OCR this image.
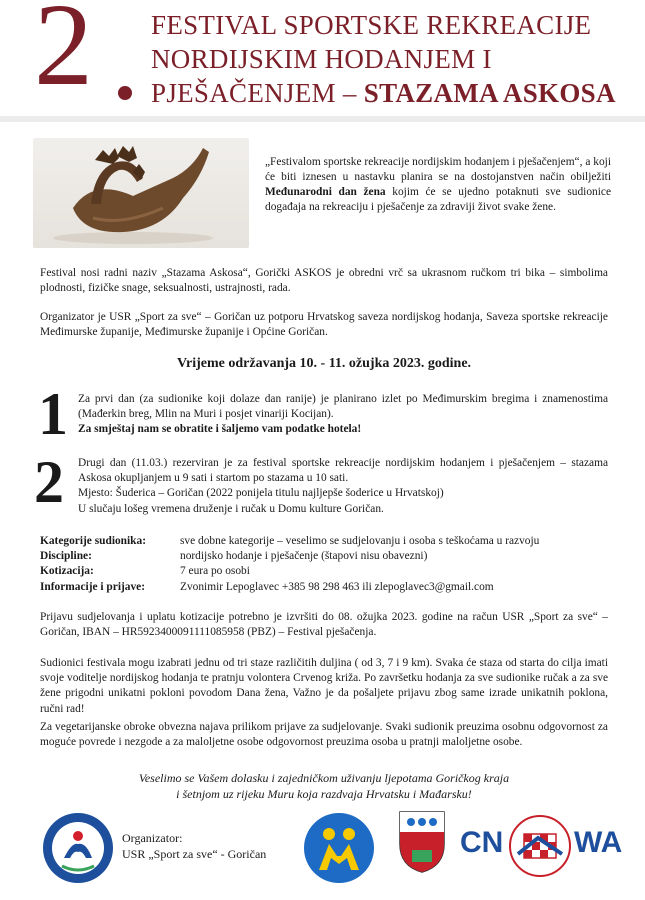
2 FESTIVAL SPORTSKE REKREACIJE
NORDIJSKIM HODANJEM I
PJEŠAČENJEM – STAZAMA ASKOSA
„Festivalom sportske rekreacije nordijskim hodanjem i pješačenjem“, a koji će biti iznesen u nastavku planira se na dostojanstven način obilježiti Međunarodni dan žena kojim će se ujedno potaknuti sve sudionice događaja na rekreaciju i pješačenje za zdraviji život svake žene.
Festival nosi radni naziv „Stazama Askosa“, Gorički ASKOS je obredni vrč sa ukrasnom ručkom tri bika – simbolima plodnosti, fizičke snage, seksualnosti, ustrajnosti, rada.
Organizator je USR „Sport za sve“ – Goričan uz potporu Hrvatskog saveza nordijskog hodanja, Saveza sportske rekreacije Međimurske županije, Međimurske županije i Općine Goričan.
Vrijeme održavanja 10. - 11. ožujka 2023. godine.
1 Za prvi dan (za sudionike koji dolaze dan ranije) je planirano izlet po Međimurskim bregima i znamenostima (Mađerkin breg, Mlin na Muri i posjet vinariji Kocijan).
Za smještaj nam se obratite i šaljemo vam podatke hotela!
2 Drugi dan (11.03.) rezerviran je za festival sportske rekreacije nordijskim hodanjem i pješačenjem – stazama Askosa okupljanjem u 9 sati i startom po stazama u 10 sati.
Mjesto: Šuderica – Goričan (2022 ponijela titulu najljepše šoderice u Hrvatskoj)
U slučaju lošeg vremena druženje i ručak u Domu kulture Goričan.
Kategorije sudionika:	sve dobne kategorije – veselimo se sudjelovanju i osoba s teškoćama u razvoju
Discipline:	nordijsko hodanje i pješačenje (štapovi nisu obavezni)
Kotizacija:	7 eura po osobi
Informacije i prijave:	Zvonimir Lepoglavec +385 98 298 463 ili zlepoglavec3@gmail.com
Prijavu sudjelovanja i uplatu kotizacije potrebno je izvršiti do 08. ožujka 2023. godine na račun USR „Sport za sve“ – Goričan, IBAN – HR5923400091111085958 (PBZ) – Festival pješačenja.
Sudionici festivala mogu izabrati jednu od tri staze različitih duljina ( od 3, 7 i 9 km). Svaka će staza od starta do cilja imati svoje voditelje nordijskog hodanja te pratnju volontera Crvenog križa. Po završetku hodanja za sve sudionike ručak a za sve žene prigodni unikatni pokloni povodom Dana žena, Važno je da pošaljete prijavu zbog same izrade unikatnih poklona, ručni rad!
Za vegetarijanske obroke obvezna najava prilikom prijave za sudjelovanje. Svaki sudionik preuzima osobnu odgovornost za moguće povrede i nezgode a za maloljetne osobe odgovornost preuzima osoba u pratnji maloljetne osobe.
Veselimo se Vašem dolasku i zajedničkom uživanju ljepotama Goričkog kraja
i šetnjom uz rijeku Muru koja razdvaja Hrvatsku i Mađarsku!
Organizator:
USR „Sport za sve“ - Goričan	CN WA
